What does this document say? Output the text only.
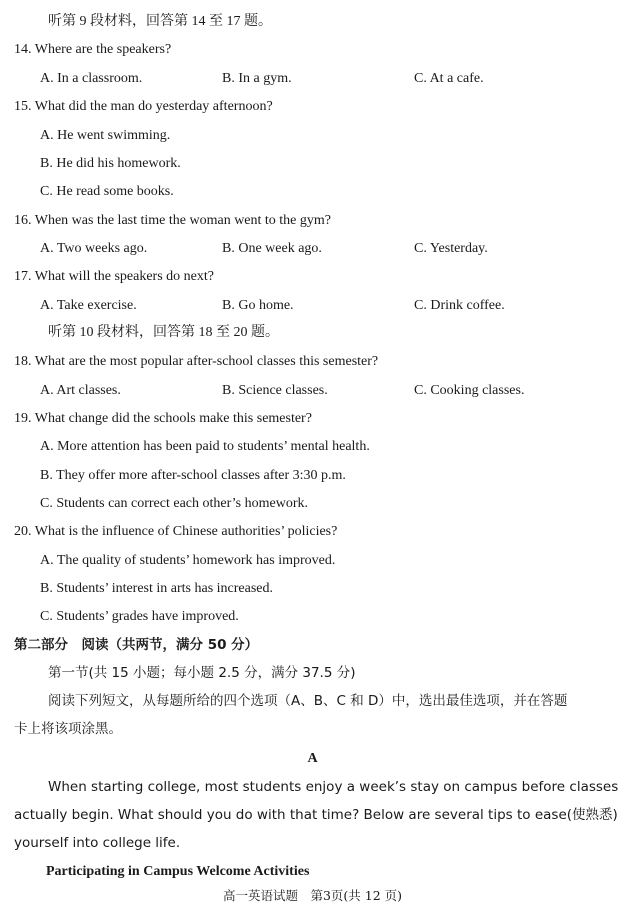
听第 9 段材料，回答第 14 至 17 题。
14. Where are the speakers?
A. In a classroom.	B. In a gym.	C. At a cafe.
15. What did the man do yesterday afternoon?
A. He went swimming.
B. He did his homework.
C. He read some books.
16. When was the last time the woman went to the gym?
A. Two weeks ago.	B. One week ago.	C. Yesterday.
17. What will the speakers do next?
A. Take exercise.	B. Go home.	C. Drink coffee.
听第 10 段材料，回答第 18 至 20 题。
18. What are the most popular after-school classes this semester?
A. Art classes.	B. Science classes.	C. Cooking classes.
19. What change did the schools make this semester?
A. More attention has been paid to students’ mental health.
B. They offer more after-school classes after 3:30 p.m.
C. Students can correct each other’s homework.
20. What is the influence of Chinese authorities’ policies?
A. The quality of students’ homework has improved.
B. Students’ interest in arts has increased.
C. Students’ grades have improved.
第二部分　阅读（共两节，满分 50 分）
第一节(共 15 小题；每小题 2.5 分，满分 37.5 分)
阅读下列短文，从每题所给的四个选项（A、B、C 和 D）中，选出最佳选项，并在答题
卡上将该项涂黑。
A
When starting college, most students enjoy a week’s stay on campus before classes
actually begin. What should you do with that time? Below are several tips to ease(使熟悉)
yourself into college life.
Participating in Campus Welcome Activities
高一英语试题　第3页(共 12 页)
